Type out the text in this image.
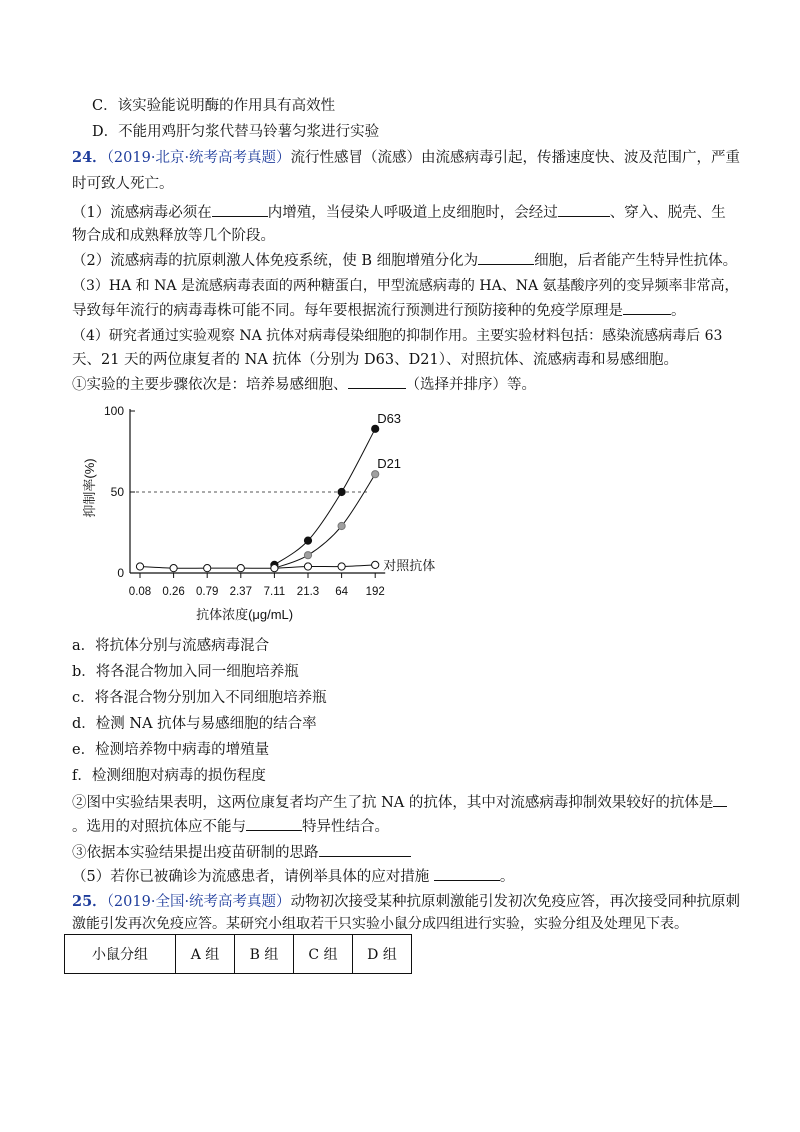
C．该实验能说明酶的作用具有高效性
D．不能用鸡肝匀浆代替马铃薯匀浆进行实验
24．（2019·北京·统考高考真题）流行性感冒（流感）由流感病毒引起，传播速度快、波及范围广，严重
时可致人死亡。
（1）流感病毒必须在	内增殖，当侵染人呼吸道上皮细胞时，会经过	、穿入、脱壳、生
物合成和成熟释放等几个阶段。
（2）流感病毒的抗原刺激人体免疫系统，使 B 细胞增殖分化为	细胞，后者能产生特异性抗体。
（3）HA 和 NA 是流感病毒表面的两种糖蛋白，甲型流感病毒的 HA、NA 氨基酸序列的变异频率非常高，
导致每年流行的病毒毒株可能不同。每年要根据流行预测进行预防接种的免疫学原理是	。
（4）研究者通过实验观察 NA 抗体对病毒侵染细胞的抑制作用。主要实验材料包括：感染流感病毒后 63
天、21 天的两位康复者的 NA 抗体（分别为 D63、D21）、对照抗体、流感病毒和易感细胞。
①实验的主要步骤依次是：培养易感细胞、	（选择并排序）等。
0
50
100
0.08 0.26 0.79 2.37 7.11 21.3 64 192
抗体浓度(μg/mL)
抑制率(%)
D63
D21
对照抗体
a．将抗体分别与流感病毒混合
b．将各混合物加入同一细胞培养瓶
c．将各混合物分别加入不同细胞培养瓶
d．检测 NA 抗体与易感细胞的结合率
e．检测培养物中病毒的增殖量
f．检测细胞对病毒的损伤程度
②图中实验结果表明，这两位康复者均产生了抗 NA 的抗体，其中对流感病毒抑制效果较好的抗体是
。选用的对照抗体应不能与	特异性结合。
③依据本实验结果提出疫苗研制的思路
（5）若你已被确诊为流感患者，请例举具体的应对措施	。
25．（2019·全国·统考高考真题）动物初次接受某种抗原刺激能引发初次免疫应答，再次接受同种抗原刺
激能引发再次免疫应答。某研究小组取若干只实验小鼠分成四组进行实验，实验分组及处理见下表。
小鼠分组	A 组	B 组	C 组	D 组
